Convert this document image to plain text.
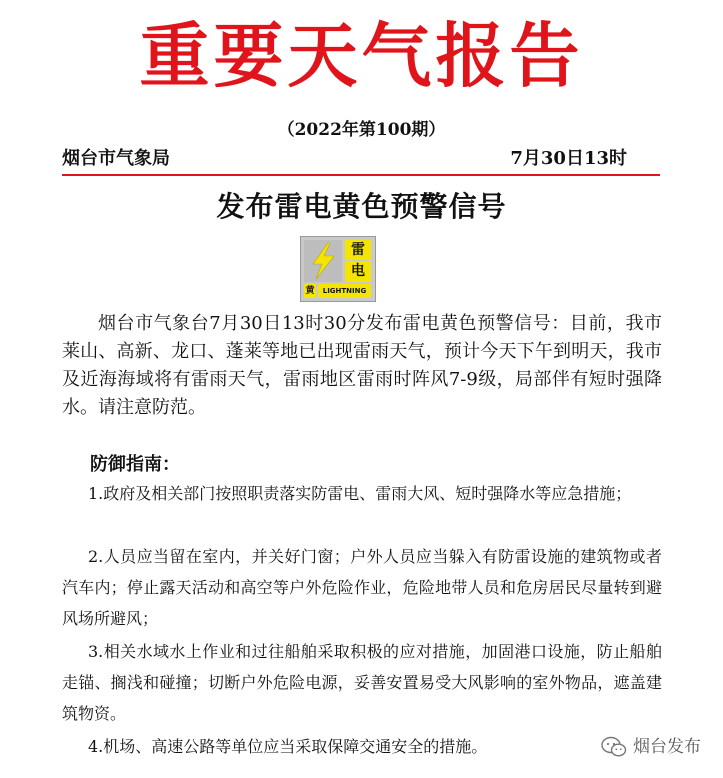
重要天气报告
（2022年第100期）
烟台市气象局	7月30日13时
发布雷电黄色预警信号
雷
电
黄	LIGHTNING
烟台市气象台7月30日13时30分发布雷电黄色预警信号：目前，我市莱山、高新、龙口、蓬莱等地已出现雷雨天气，预计今天下午到明天，我市及近海海域将有雷雨天气，雷雨地区雷雨时阵风7-9级，局部伴有短时强降水。请注意防范。
防御指南：
1.政府及相关部门按照职责落实防雷电、雷雨大风、短时强降水等应急措施；
2.人员应当留在室内，并关好门窗；户外人员应当躲入有防雷设施的建筑物或者汽车内；停止露天活动和高空等户外危险作业，危险地带人员和危房居民尽量转到避风场所避风；
3.相关水域水上作业和过往船舶采取积极的应对措施，加固港口设施，防止船舶走锚、搁浅和碰撞；切断户外危险电源，妥善安置易受大风影响的室外物品，遮盖建筑物资。
4.机场、高速公路等单位应当采取保障交通安全的措施。	烟台发布
